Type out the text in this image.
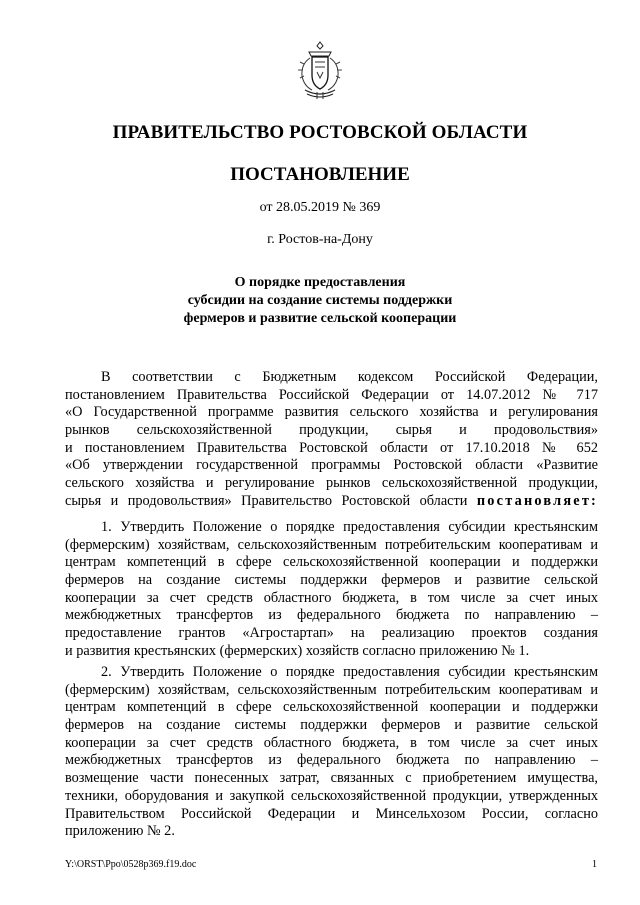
ПРАВИТЕЛЬСТВО РОСТОВСКОЙ ОБЛАСТИ
ПОСТАНОВЛЕНИЕ
от 28.05.2019 № 369
г. Ростов-на-Дону
О порядке предоставления
субсидии на создание системы поддержки
фермеров и развитие сельской кооперации
В соответствии с Бюджетным кодексом Российской Федерации,
постановлением Правительства Российской Федерации от 14.07.2012 № 717
«О Государственной программе развития сельского хозяйства и регулирования
рынков сельскохозяйственной продукции, сырья и продовольствия»
и постановлением Правительства Ростовской области от 17.10.2018 № 652
«Об утверждении государственной программы Ростовской области «Развитие
сельского хозяйства и регулирование рынков сельскохозяйственной продукции,
сырья и продовольствия» Правительство Ростовской области постановляет:
1. Утвердить Положение о порядке предоставления субсидии крестьянским
(фермерским) хозяйствам, сельскохозяйственным потребительским кооперативам и
центрам компетенций в сфере сельскохозяйственной кооперации и поддержки
фермеров на создание системы поддержки фермеров и развитие сельской
кооперации за счет средств областного бюджета, в том числе за счет иных
межбюджетных трансфертов из федерального бюджета по направлению –
предоставление грантов «Агростартап» на реализацию проектов создания
и развития крестьянских (фермерских) хозяйств согласно приложению № 1.
2. Утвердить Положение о порядке предоставления субсидии крестьянским
(фермерским) хозяйствам, сельскохозяйственным потребительским кооперативам и
центрам компетенций в сфере сельскохозяйственной кооперации и поддержки
фермеров на создание системы поддержки фермеров и развитие сельской
кооперации за счет средств областного бюджета, в том числе за счет иных
межбюджетных трансфертов из федерального бюджета по направлению –
возмещение части понесенных затрат, связанных с приобретением имущества,
техники, оборудования и закупкой сельскохозяйственной продукции, утвержденных
Правительством Российской Федерации и Минсельхозом России, согласно
приложению № 2.
Y:\ORST\Ppo\0528p369.f19.doc	1
